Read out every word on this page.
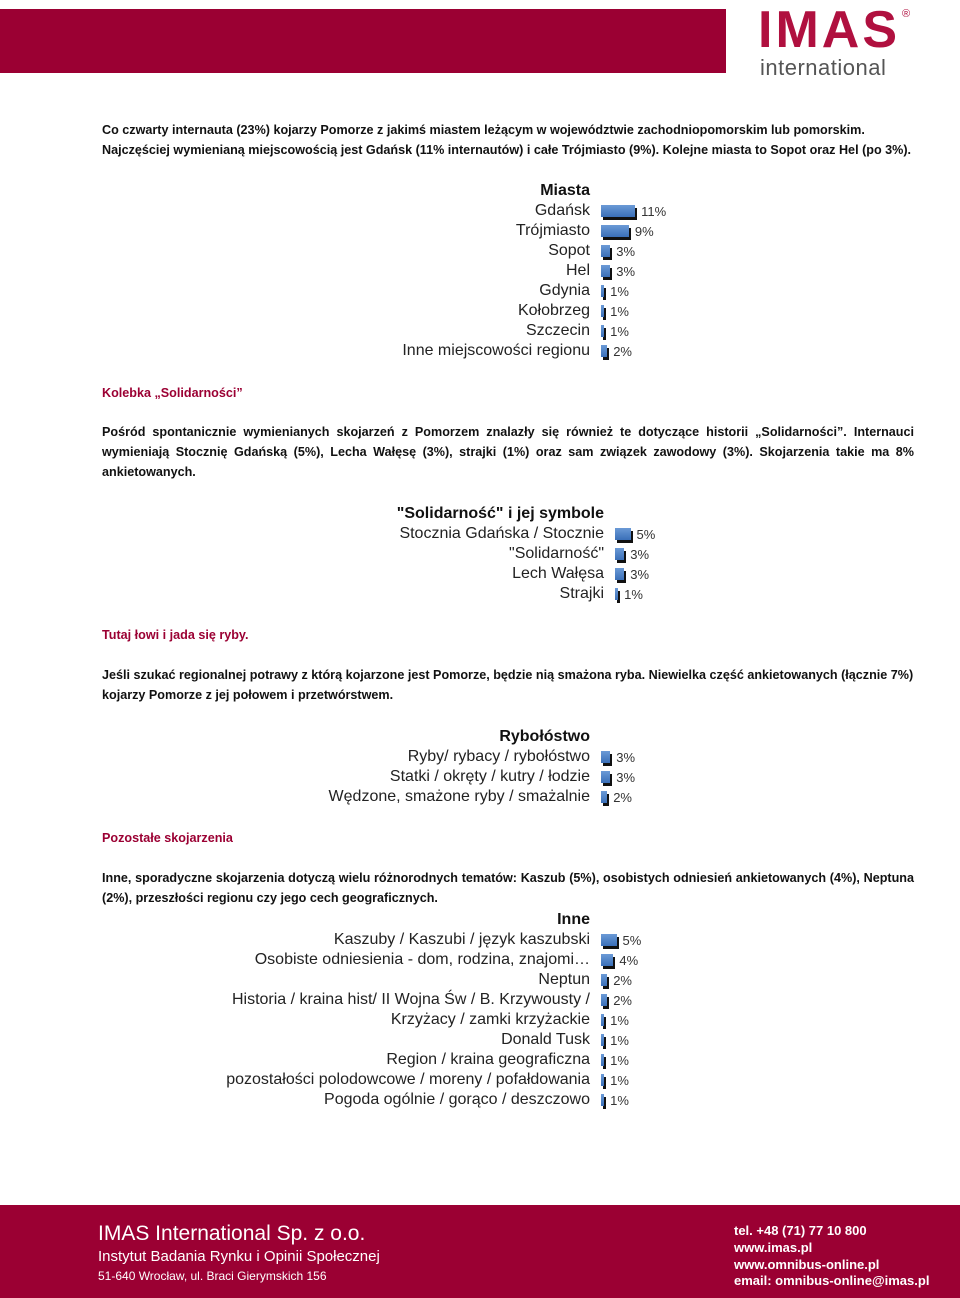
IMAS ®
international
Co czwarty internauta (23%) kojarzy Pomorze z jakimś miastem leżącym w województwie zachodniopomorskim lub pomorskim. Najczęściej wymienianą miejscowością jest Gdańsk (11% internautów) i całe Trójmiasto (9%). Kolejne miasta to Sopot oraz Hel (po 3%).
Kolebka „Solidarności”
Pośród spontanicznie wymienianych skojarzeń z Pomorzem znalazły się również te dotyczące historii „Solidarności”. Internauci wymieniają Stocznię Gdańską (5%), Lecha Wałęsę (3%), strajki (1%) oraz sam związek zawodowy (3%). Skojarzenia takie ma 8% ankietowanych.
Tutaj łowi i jada się ryby.
Jeśli szukać regionalnej potrawy z którą kojarzone jest Pomorze, będzie nią smażona ryba. Niewielka część ankietowanych (łącznie 7%) kojarzy Pomorze z jej połowem i przetwórstwem.
Pozostałe skojarzenia
Inne, sporadyczne skojarzenia dotyczą wielu różnorodnych tematów: Kaszub (5%), osobistych odniesień ankietowanych (4%), Neptuna (2%), przeszłości regionu czy jego cech geograficznych.
IMAS International Sp. z o.o.
Instytut Badania Rynku i Opinii Społecznej
51-640 Wrocław, ul. Braci Gierymskich 156
tel. +48 (71) 77 10 800
www.imas.pl
www.omnibus-online.pl
email: omnibus-online@imas.pl
Miasta
Gdańsk	11%
Trójmiasto	9%
Sopot 3%
Hel 3%
Gdynia 1%
Kołobrzeg 1%
Szczecin 1%
Inne miejscowości regionu 2%
"Solidarność" i jej symbole
Stocznia Gdańska / Stocznie	5%
"Solidarność" 3%
Lech Wałęsa 3%
Strajki 1%
Rybołóstwo
Ryby/ rybacy / rybołóstwo 3%
Statki / okręty / kutry / łodzie 3%
Wędzone, smażone ryby / smażalnie 2%
Inne
Kaszuby / Kaszubi / język kaszubski	5%
Osobiste odniesienia - dom, rodzina, znajomi… 4%
Neptun 2%
Historia / kraina hist/ II Wojna Św / B. Krzywousty / 2%
Krzyżacy / zamki krzyżackie 1%
Donald Tusk 1%
Region / kraina geograficzna 1%
pozostałości polodowcowe / moreny / pofałdowania 1%
Pogoda ogólnie / gorąco / deszczowo 1%
